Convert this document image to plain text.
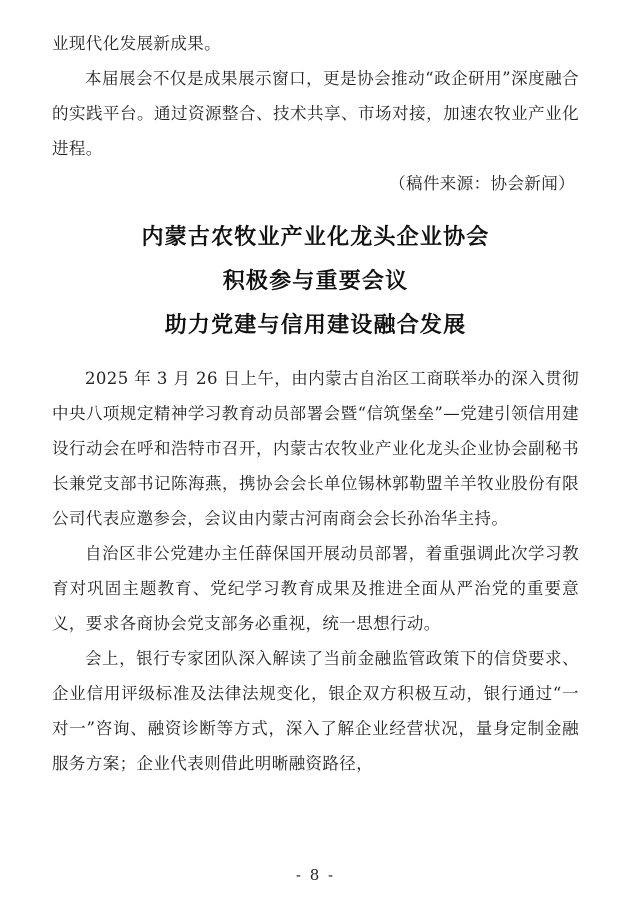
业现代化发展新成果。

本届展会不仅是成果展示窗口，更是协会推动“政企研用”深度融合的实践平台。通过资源整合、技术共享、市场对接，加速农牧业产业化进程。

（稿件来源：协会新闻）

内蒙古农牧业产业化龙头企业协会

积极参与重要会议

助力党建与信用建设融合发展

2025 年 3 月 26 日上午，由内蒙古自治区工商联举办的深入贯彻中央八项规定精神学习教育动员部署会暨“信筑堡垒”—党建引领信用建设行动会在呼和浩特市召开，内蒙古农牧业产业化龙头企业协会副秘书长兼党支部书记陈海燕，携协会会长单位锡林郭勒盟羊羊牧业股份有限公司代表应邀参会，会议由内蒙古河南商会会长孙治华主持。

自治区非公党建办主任薛保国开展动员部署，着重强调此次学习教育对巩固主题教育、党纪学习教育成果及推进全面从严治党的重要意义，要求各商协会党支部务必重视，统一思想行动。

会上，银行专家团队深入解读了当前金融监管政策下的信贷要求、企业信用评级标准及法律法规变化，银企双方积极互动，银行通过“一对一”咨询、融资诊断等方式，深入了解企业经营状况，量身定制金融服务方案；企业代表则借此明晰融资路径，

- 8 -
